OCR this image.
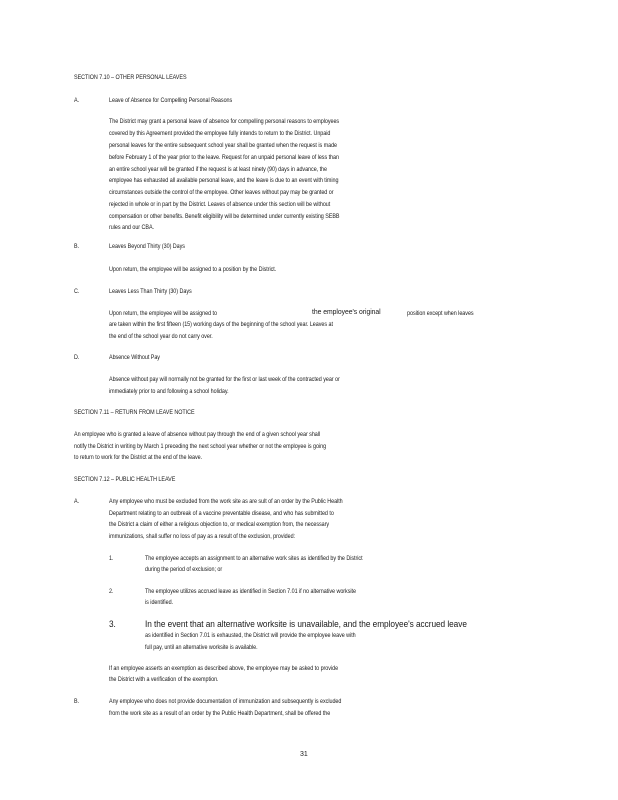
SECTION 7.10 – OTHER PERSONAL LEAVES
A.	Leave of Absence for Compelling Personal Reasons
The District may grant a personal leave of absence for compelling personal reasons to employees
covered by this Agreement provided the employee fully intends to return to the District. Unpaid
personal leaves for the entire subsequent school year shall be granted when the request is made
before February 1 of the year prior to the leave. Request for an unpaid personal leave of less than
an entire school year will be granted if the request is at least ninety (90) days in advance, the
employee has exhausted all available personal leave, and the leave is due to an event with timing
circumstances outside the control of the employee. Other leaves without pay may be granted or
rejected in whole or in part by the District. Leaves of absence under this section will be without
compensation or other benefits. Benefit eligibility will be determined under currently existing SEBB
rules and our CBA.
B.	Leaves Beyond Thirty (30) Days
Upon return, the employee will be assigned to a position by the District.
C.	Leaves Less Than Thirty (30) Days
Upon return, the employee will be assigned to	the employee's original	position except when leaves
are taken within the first fifteen (15) working days of the beginning of the school year. Leaves at
the end of the school year do not carry over.
D.	Absence Without Pay
Absence without pay will normally not be granted for the first or last week of the contracted year or
immediately prior to and following a school holiday.
SECTION 7.11 – RETURN FROM LEAVE NOTICE
An employee who is granted a leave of absence without pay through the end of a given school year shall
notify the District in writing by March 1 preceding the next school year whether or not the employee is going
to return to work for the District at the end of the leave.
SECTION 7.12 – PUBLIC HEALTH LEAVE
A.	Any employee who must be excluded from the work site as are sult of an order by the Public Health
Department relating to an outbreak of a vaccine preventable disease, and who has submitted to
the District a claim of either a religious objection to, or medical exemption from, the necessary
immunizations, shall suffer no loss of pay as a result of the exclusion, provided:
1.	The employee accepts an assignment to an alternative work sites as identified by the District
during the period of exclusion; or
2.	The employee utilizes accrued leave as identified in Section 7.01 if no alternative worksite
is identified.
3.	In the event that an alternative worksite is unavailable, and the employee's accrued leave
as identified in Section 7.01 is exhausted, the District will provide the employee leave with
full pay, until an alternative worksite is available.
If an employee asserts an exemption as described above, the employee may be asked to provide
the District with a verification of the exemption.
B.	Any employee who does not provide documentation of immunization and subsequently is excluded
from the work site as a result of an order by the Public Health Department, shall be offered the
31
